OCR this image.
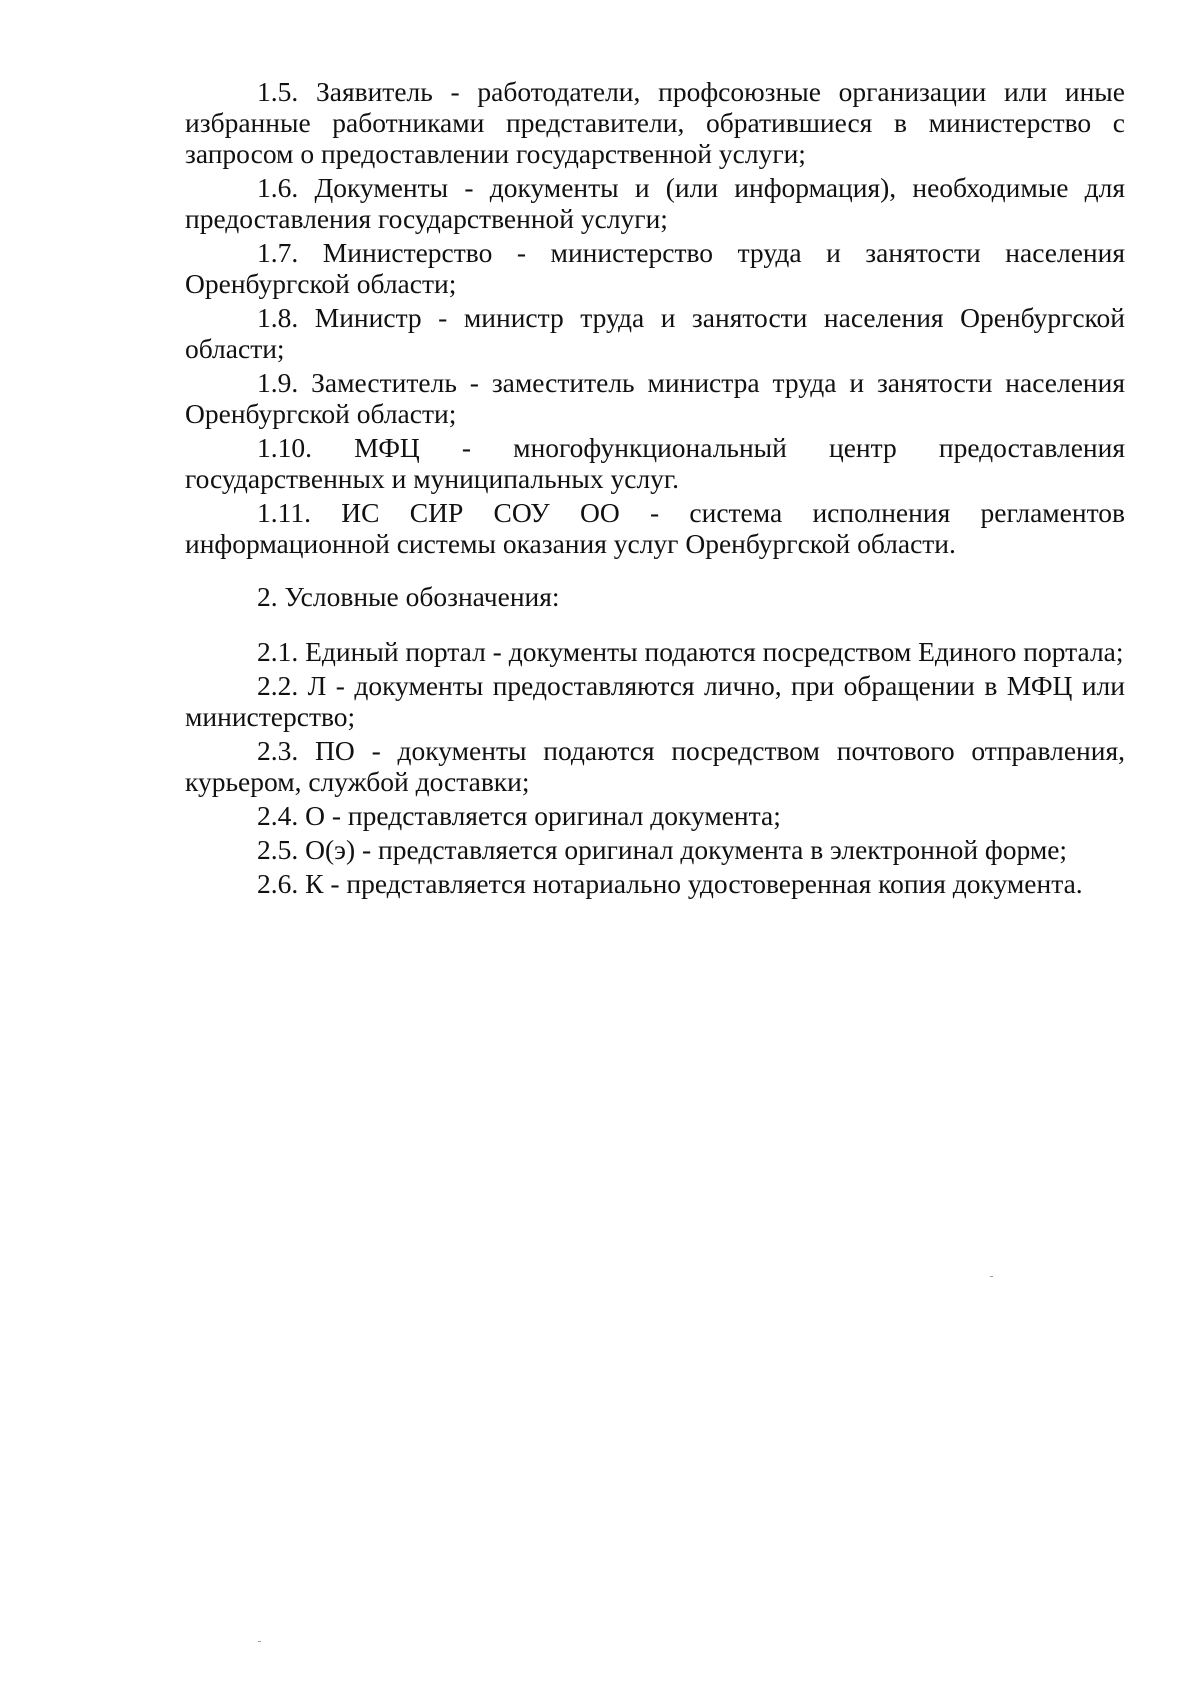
1.5. Заявитель - работодатели, профсоюзные организации или иные избранные работниками представители, обратившиеся в министерство с запросом о предоставлении государственной услуги;

1.6. Документы - документы и (или информация), необходимые для предоставления государственной услуги;

1.7. Министерство - министерство труда и занятости населения Оренбургской области;

1.8. Министр - министр труда и занятости населения Оренбургской области;

1.9. Заместитель - заместитель министра труда и занятости населения Оренбургской области;

1.10. МФЦ - многофункциональный центр предоставления государственных и муниципальных услуг.

1.11. ИС СИР СОУ ОО - система исполнения регламентов информационной системы оказания услуг Оренбургской области.

2. Условные обозначения:

2.1. Единый портал - документы подаются посредством Единого портала;

2.2. Л - документы предоставляются лично, при обращении в МФЦ или министерство;

2.3. ПО - документы подаются посредством почтового отправления, курьером, службой доставки;

2.4. О - представляется оригинал документа;

2.5. О(э) - представляется оригинал документа в электронной форме;

2.6. К - представляется нотариально удостоверенная копия документа.
